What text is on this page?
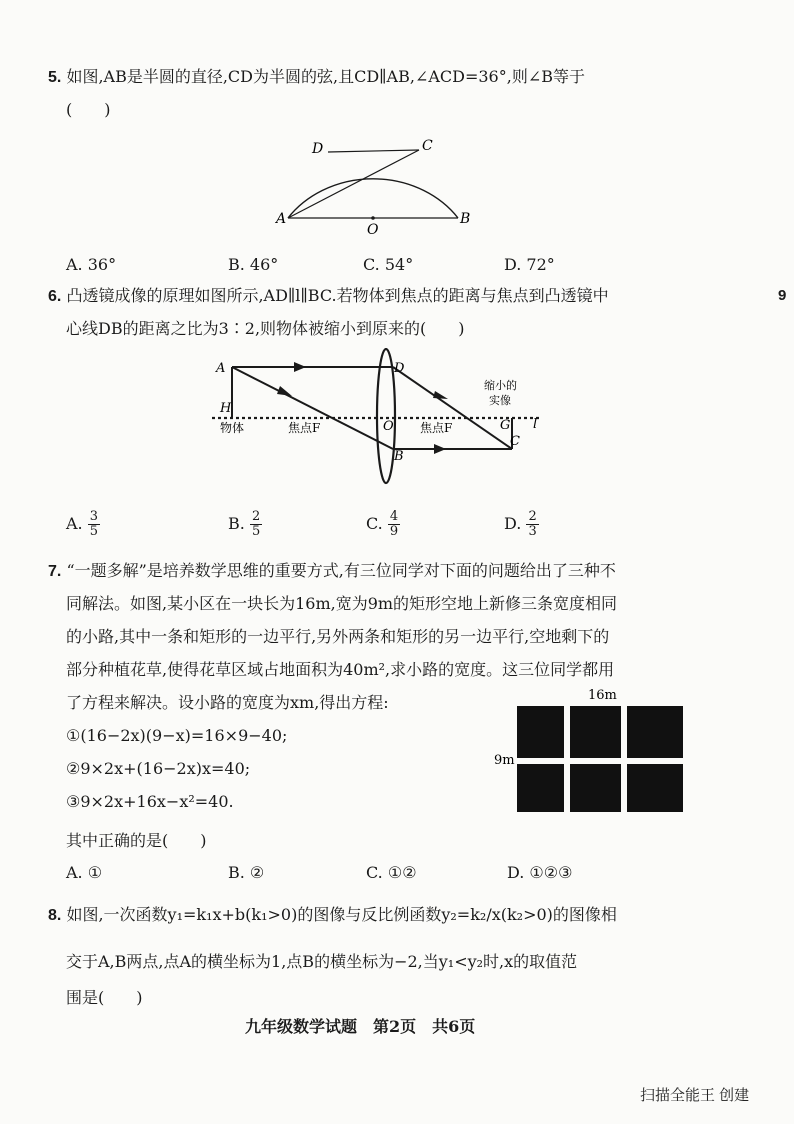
5. 如图,AB是半圆的直径,CD为半圆的弦,且CD∥AB,∠ACD=36°,则∠B等于
(　　)
D	C
A	B
O
A. 36°	B. 46°	C. 54°	D. 72°
6. 凸透镜成像的原理如图所示,AD∥l∥BC.若物体到焦点的距离与焦点到凸透镜中
心线DB的距离之比为3∶2,则物体被缩小到原来的(　　)
A
H
物体	焦点F	O
D
B
焦点F
缩小的
实像
G
C
l
A. $\frac{3}{5}$	B. $\frac{2}{5}$	C. $\frac{4}{9}$	D. $\frac{2}{3}$
7. “一题多解”是培养数学思维的重要方式,有三位同学对下面的问题给出了三种不
同解法。如图,某小区在一块长为16m,宽为9m的矩形空地上新修三条宽度相同
的小路,其中一条和矩形的一边平行,另外两条和矩形的另一边平行,空地剩下的
部分种植花草,使得花草区域占地面积为40m²,求小路的宽度。这三位同学都用
了方程来解决。设小路的宽度为xm,得出方程:
①(16−2x)(9−x)=16×9−40;
②9×2x+(16−2x)x=40;
③9×2x+16x−x²=40.
其中正确的是(　　)
16m
9m
A. ①	B. ②	C. ①②	D. ①②③
8. 如图,一次函数y₁=k₁x+b(k₁>0)的图像与反比例函数y₂=k₂/x(k₂>0)的图像相
交于A,B两点,点A的横坐标为1,点B的横坐标为−2,当y₁<y₂时,x的取值范
围是(　　)
9
九年级数学试题　第2页　共6页
扫描全能王 创建
